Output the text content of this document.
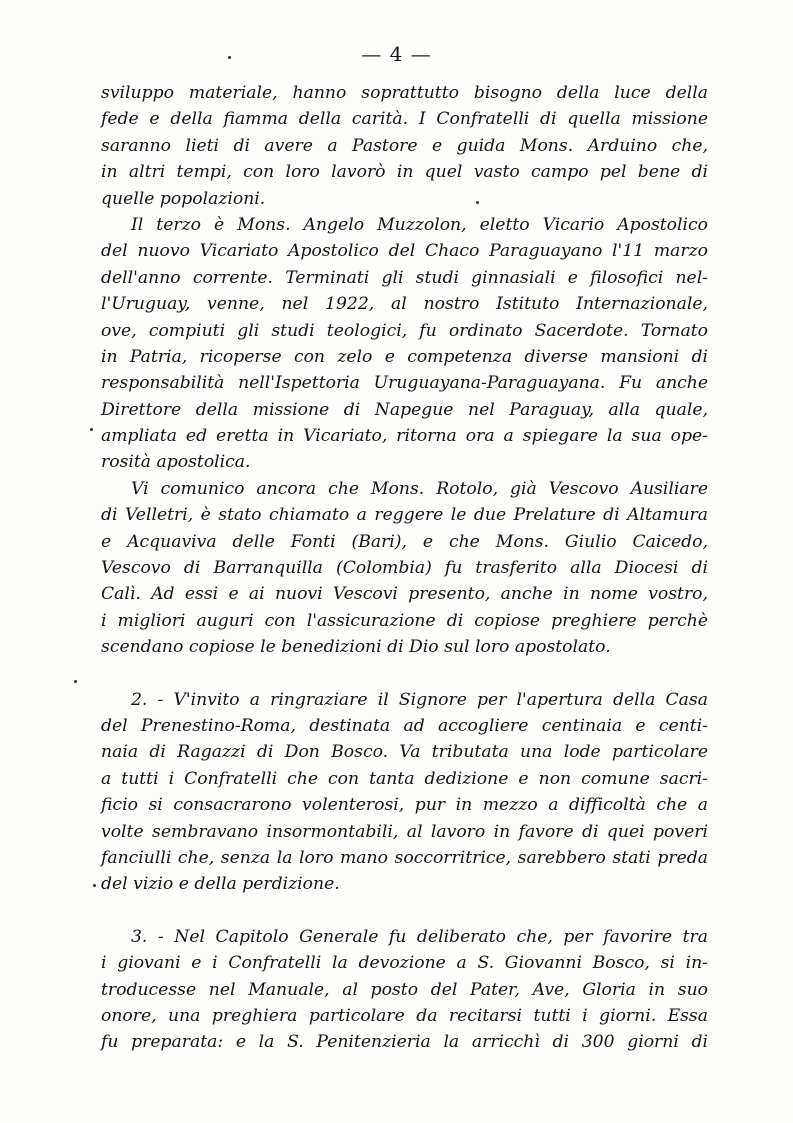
— 4 —
sviluppo materiale, hanno soprattutto bisogno della luce della
fede e della fiamma della carità. I Confratelli di quella missione
saranno lieti di avere a Pastore e guida Mons. Arduino che,
in altri tempi, con loro lavorò in quel vasto campo pel bene di
quelle popolazioni.
Il terzo è Mons. Angelo Muzzolon, eletto Vicario Apostolico
del nuovo Vicariato Apostolico del Chaco Paraguayano l'11 marzo
dell'anno corrente. Terminati gli studi ginnasiali e filosofici nel-
l'Uruguay, venne, nel 1922, al nostro Istituto Internazionale,
ove, compiuti gli studi teologici, fu ordinato Sacerdote. Tornato
in Patria, ricoperse con zelo e competenza diverse mansioni di
responsabilità nell'Ispettoria Uruguayana-Paraguayana. Fu anche
Direttore della missione di Napegue nel Paraguay, alla quale,
ampliata ed eretta in Vicariato, ritorna ora a spiegare la sua ope-
rosità apostolica.
Vi comunico ancora che Mons. Rotolo, già Vescovo Ausiliare
di Velletri, è stato chiamato a reggere le due Prelature di Altamura
e Acquaviva delle Fonti (Bari), e che Mons. Giulio Caicedo,
Vescovo di Barranquilla (Colombia) fu trasferito alla Diocesi di
Calì. Ad essi e ai nuovi Vescovi presento, anche in nome vostro,
i migliori auguri con l'assicurazione di copiose preghiere perchè
scendano copiose le benedizioni di Dio sul loro apostolato.
2. - V'invito a ringraziare il Signore per l'apertura della Casa
del Prenestino-Roma, destinata ad accogliere centinaia e centi-
naia di Ragazzi di Don Bosco. Va tributata una lode particolare
a tutti i Confratelli che con tanta dedizione e non comune sacri-
ficio si consacrarono volenterosi, pur in mezzo a difficoltà che a
volte sembravano insormontabili, al lavoro in favore di quei poveri
fanciulli che, senza la loro mano soccorritrice, sarebbero stati preda
del vizio e della perdizione.
3. - Nel Capitolo Generale fu deliberato che, per favorire tra
i giovani e i Confratelli la devozione a S. Giovanni Bosco, si in-
troducesse nel Manuale, al posto del Pater, Ave, Gloria in suo
onore, una preghiera particolare da recitarsi tutti i giorni. Essa
fu preparata: e la S. Penitenzieria la arricchì di 300 giorni di
